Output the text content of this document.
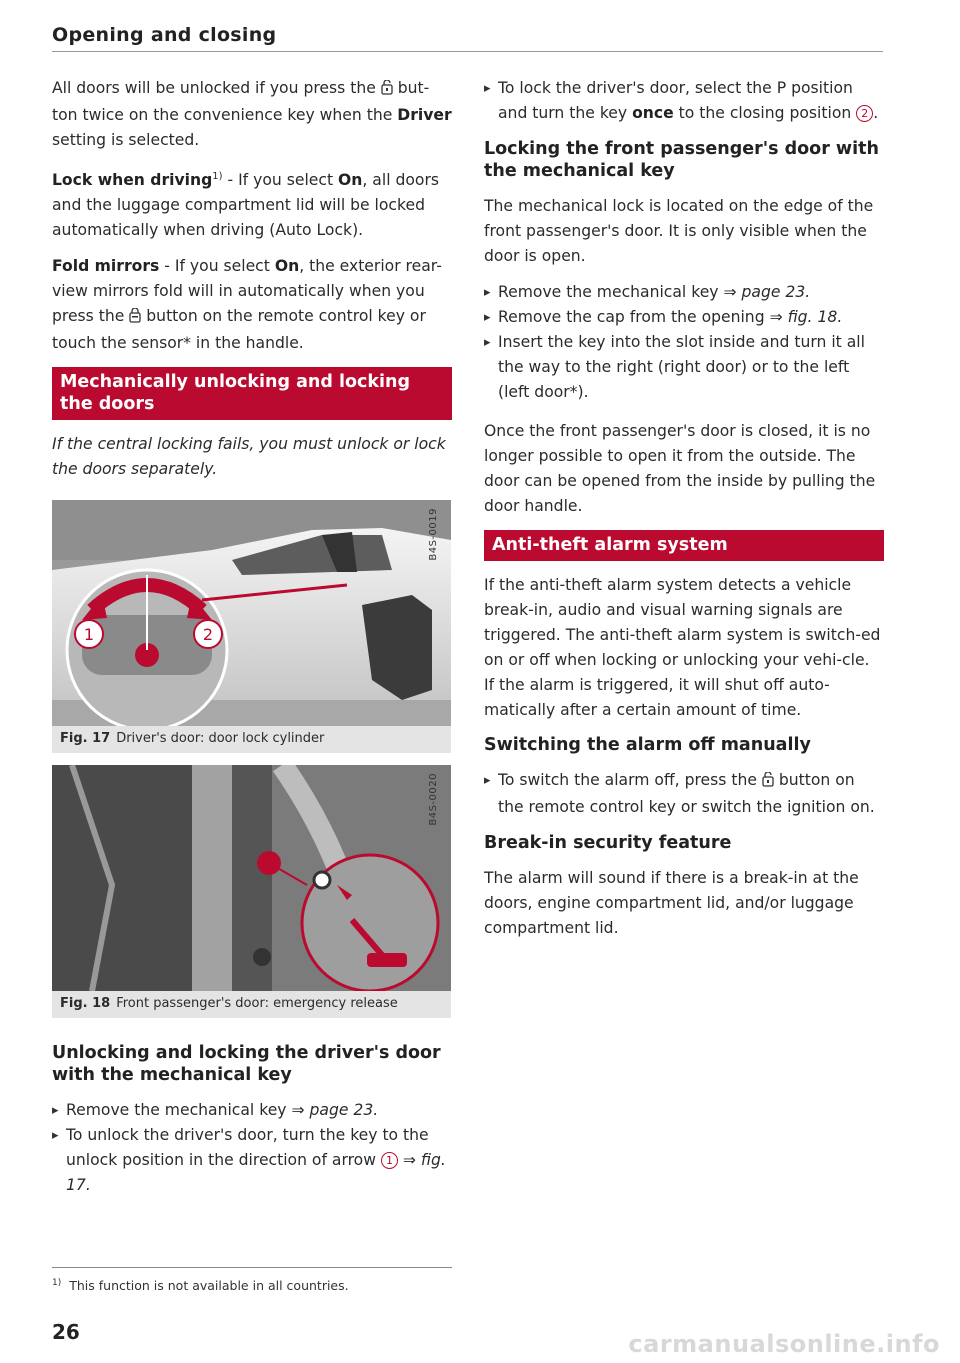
Opening and closing

All doors will be unlocked if you press the  but-ton twice on the convenience key when the Driver setting is selected.

Lock when driving$^{1)}$ - If you select On, all doors and the luggage compartment lid will be locked automatically when driving (Auto Lock).

Fold mirrors - If you select On, the exterior rear-view mirrors fold will in automatically when you press the  button on the remote control key or touch the sensor* in the handle.

Mechanically unlocking and locking the doors

If the central locking fails, you must unlock or lock the doors separately.

1	2
B4S-0019
Fig. 17 Driver's door: door lock cylinder
B4S-0020
Fig. 18 Front passenger's door: emergency release
Unlocking and locking the driver's door with the mechanical key

▸ Remove the mechanical key ⇒ page 23.

▸ To unlock the driver's door, turn the key to the unlock position in the direction of arrow 1 ⇒ fig. 17.

▸ To lock the driver's door, select the P position and turn the key once to the closing position 2 .

Locking the front passenger's door with the mechanical key

The mechanical lock is located on the edge of the front passenger's door. It is only visible when the door is open.

▸ Remove the mechanical key ⇒ page 23.

▸ Remove the cap from the opening ⇒ fig. 18.

▸ Insert the key into the slot inside and turn it all the way to the right (right door) or to the left (left door*).

Once the front passenger's door is closed, it is no longer possible to open it from the outside. The door can be opened from the inside by pulling the door handle.

Anti-theft alarm system

If the anti-theft alarm system detects a vehicle break-in, audio and visual warning signals are triggered. The anti-theft alarm system is switch-ed on or off when locking or unlocking your vehi-cle. If the alarm is triggered, it will shut off auto-matically after a certain amount of time.

Switching the alarm off manually

▸ To switch the alarm off, press the  button on the remote control key or switch the ignition on.

Break-in security feature

The alarm will sound if there is a break-in at the doors, engine compartment lid, and/or luggage compartment lid.

$^{1)}$ This function is not available in all countries.
26	carmanualsonline.info
